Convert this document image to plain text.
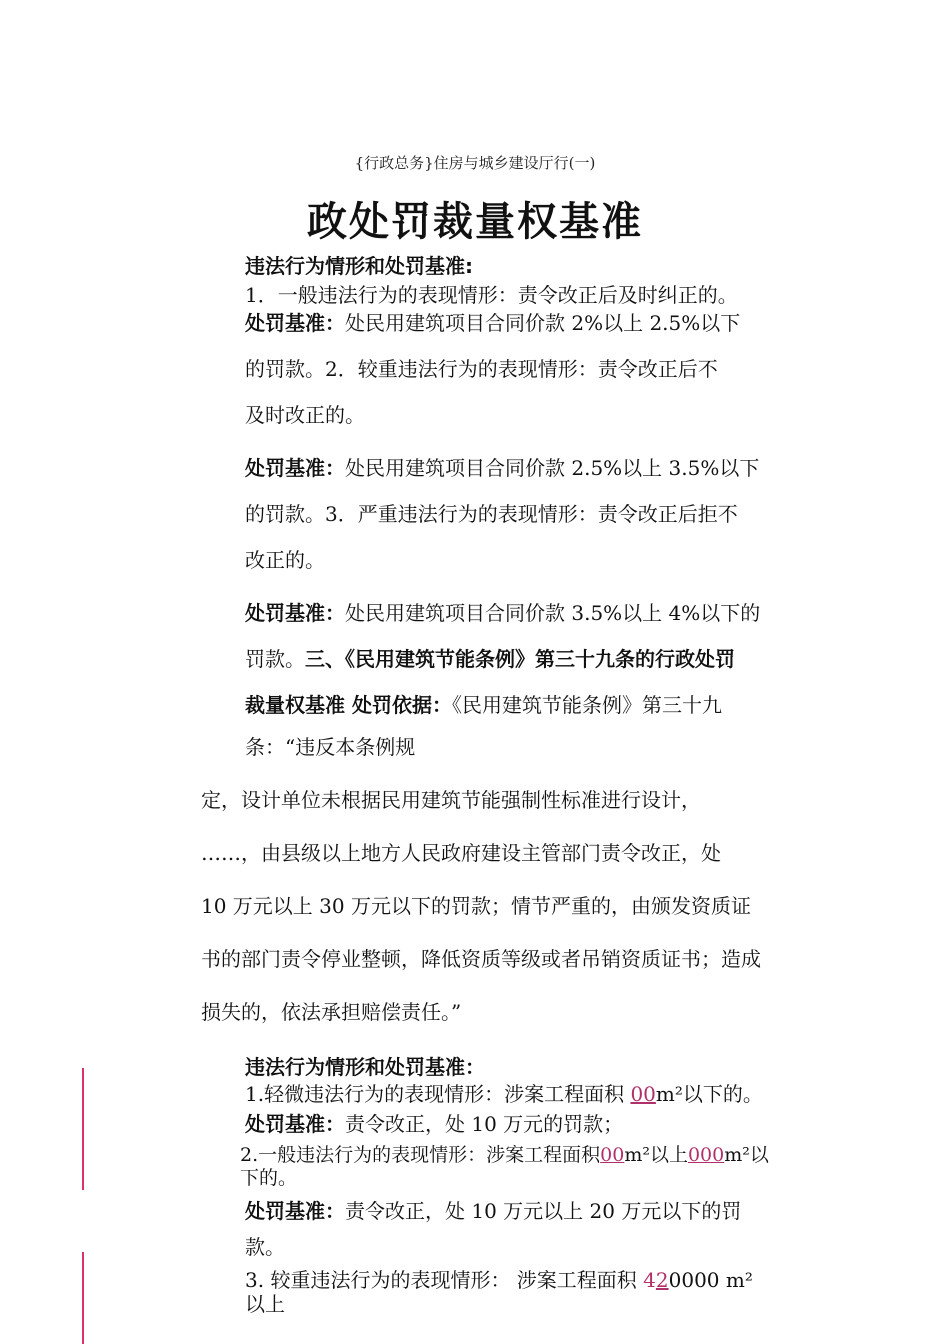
{行政总务}住房与城乡建设厅行(一)
政处罚裁量权基准
违法行为情形和处罚基准:
1．一般违法行为的表现情形：责令改正后及时纠正的。
处罚基准：处民用建筑项目合同价款 2%以上 2.5%以下
的罚款。2．较重违法行为的表现情形：责令改正后不
及时改正的。
处罚基准：处民用建筑项目合同价款 2.5%以上 3.5%以下
的罚款。3．严重违法行为的表现情形：责令改正后拒不
改正的。
处罚基准：处民用建筑项目合同价款 3.5%以上 4%以下的
罚款。三、《民用建筑节能条例》第三十九条的行政处罚
裁量权基准 处罚依据：《民用建筑节能条例》第三十九
条：“违反本条例规
定，设计单位未根据民用建筑节能强制性标准进行设计，
……，由县级以上地方人民政府建设主管部门责令改正，处
10 万元以上 30 万元以下的罚款；情节严重的，由颁发资质证
书的部门责令停业整顿，降低资质等级或者吊销资质证书；造成
损失的，依法承担赔偿责任。”
违法行为情形和处罚基准：
1.轻微违法行为的表现情形：涉案工程面积 00m²以下的。
处罚基准：责令改正，处 10 万元的罚款；
2.一般违法行为的表现情形：涉案工程面积00m²以上000m²以
下的。
处罚基准：责令改正，处 10 万元以上 20 万元以下的罚
款。
3. 较重违法行为的表现情形： 涉案工程面积 420000 m²
以上
